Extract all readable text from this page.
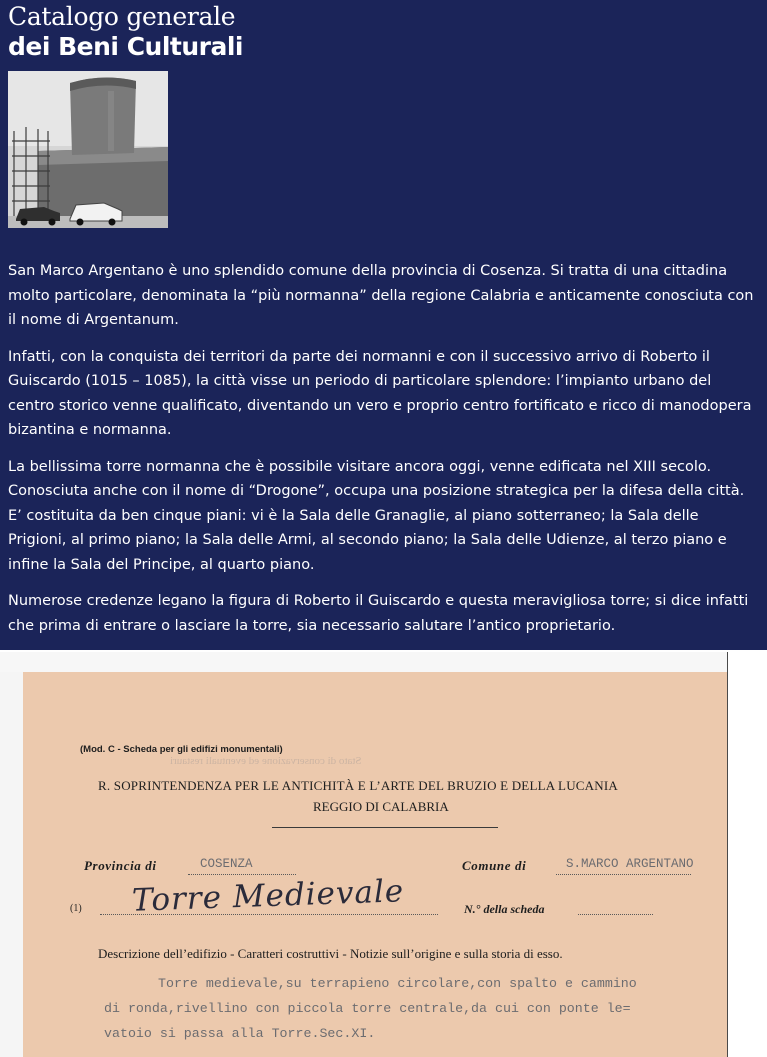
Catalogo generale
dei Beni Culturali

San Marco Argentano è uno splendido comune della provincia di Cosenza. Si tratta di una cittadina molto particolare, denominata la “più normanna” della regione Calabria e anticamente conosciuta con il nome di Argentanum.

Infatti, con la conquista dei territori da parte dei normanni e con il successivo arrivo di Roberto il Guiscardo (1015 – 1085), la città visse un periodo di particolare splendore: l’impianto urbano del centro storico venne qualificato, diventando un vero e proprio centro fortificato e ricco di manodopera bizantina e normanna.

La bellissima torre normanna che è possibile visitare ancora oggi, venne edificata nel XIII secolo. Conosciuta anche con il nome di “Drogone”, occupa una posizione strategica per la difesa della città. E’ costituita da ben cinque piani: vi è la Sala delle Granaglie, al piano sotterraneo; la Sala delle Prigioni, al primo piano; la Sala delle Armi, al secondo piano; la Sala delle Udienze, al terzo piano e infine la Sala del Principe, al quarto piano.

Numerose credenze legano la figura di Roberto il Guiscardo e questa meravigliosa torre; si dice infatti che prima di entrare o lasciare la torre, sia necessario salutare l’antico proprietario.

Stato di conservazione ed eventuali restauri
(Mod. C - Scheda per gli edifizi monumentali)
R. SOPRINTENDENZA PER LE ANTICHITÀ E L’ARTE DEL BRUZIO E DELLA LUCANIA
REGGIO DI CALABRIA
Provincia di	COSENZA	Comune di	S.MARCO ARGENTANO
(1) Torre Medievale	N.° della scheda
Descrizione dell’edifizio - Caratteri costruttivi - Notizie sull’origine e sulla storia di esso.
Torre medievale,su terrapieno circolare,con spalto e cammino
di ronda,rivellino con piccola torre centrale,da cui con ponte le=
vatoio si passa alla Torre.Sec.XI.
